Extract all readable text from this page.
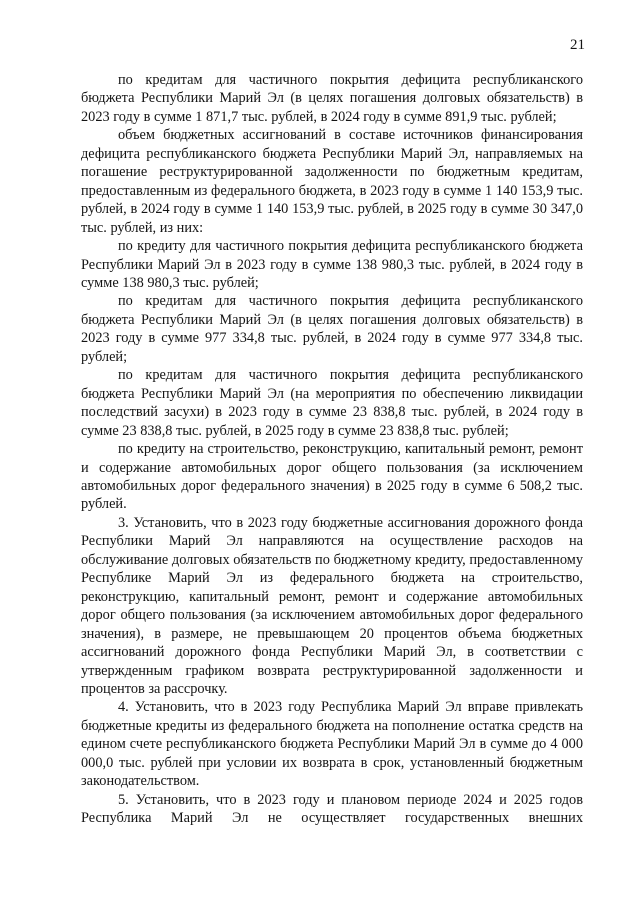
21

по кредитам для частичного покрытия дефицита республиканского бюджета Республики Марий Эл (в целях погашения долговых обязательств) в 2023 году в сумме 1 871,7 тыс. рублей, в 2024 году в сумме 891,9 тыс. рублей;

объем бюджетных ассигнований в составе источников финансирования дефицита республиканского бюджета Республики Марий Эл, направляемых на погашение реструктурированной задолженности по бюджетным кредитам, предоставленным из федерального бюджета, в 2023 году в сумме 1 140 153,9 тыс. рублей, в 2024 году в сумме 1 140 153,9 тыс. рублей, в 2025 году в сумме 30 347,0 тыс. рублей, из них:

по кредиту для частичного покрытия дефицита республиканского бюджета Республики Марий Эл в 2023 году в сумме 138 980,3 тыс. рублей, в 2024 году в сумме 138 980,3 тыс. рублей;

по кредитам для частичного покрытия дефицита республиканского бюджета Республики Марий Эл (в целях погашения долговых обязательств) в 2023 году в сумме 977 334,8 тыс. рублей, в 2024 году в сумме 977 334,8 тыс. рублей;

по кредитам для частичного покрытия дефицита республиканского бюджета Республики Марий Эл (на мероприятия по обеспечению ликвидации последствий засухи) в 2023 году в сумме 23 838,8 тыс. рублей, в 2024 году в сумме 23 838,8 тыс. рублей, в 2025 году в сумме 23 838,8 тыс. рублей;

по кредиту на строительство, реконструкцию, капитальный ремонт, ремонт и содержание автомобильных дорог общего пользования (за исключением автомобильных дорог федерального значения) в 2025 году в сумме 6 508,2 тыс. рублей.

3. Установить, что в 2023 году бюджетные ассигнования дорожного фонда Республики Марий Эл направляются на осуществление расходов на обслуживание долговых обязательств по бюджетному кредиту, предоставленному Республике Марий Эл из федерального бюджета на строительство, реконструкцию, капитальный ремонт, ремонт и содержание автомобильных дорог общего пользования (за исключением автомобильных дорог федерального значения), в размере, не превышающем 20 процентов объема бюджетных ассигнований дорожного фонда Республики Марий Эл, в соответствии с утвержденным графиком возврата реструктурированной задолженности и процентов за рассрочку.

4. Установить, что в 2023 году Республика Марий Эл вправе привлекать бюджетные кредиты из федерального бюджета на пополнение остатка средств на едином счете республиканского бюджета Республики Марий Эл в сумме до 4 000 000,0 тыс. рублей при условии их возврата в срок, установленный бюджетным законодательством.

5. Установить, что в 2023 году и плановом периоде 2024 и 2025 годов Республика Марий Эл не осуществляет государственных внешних
